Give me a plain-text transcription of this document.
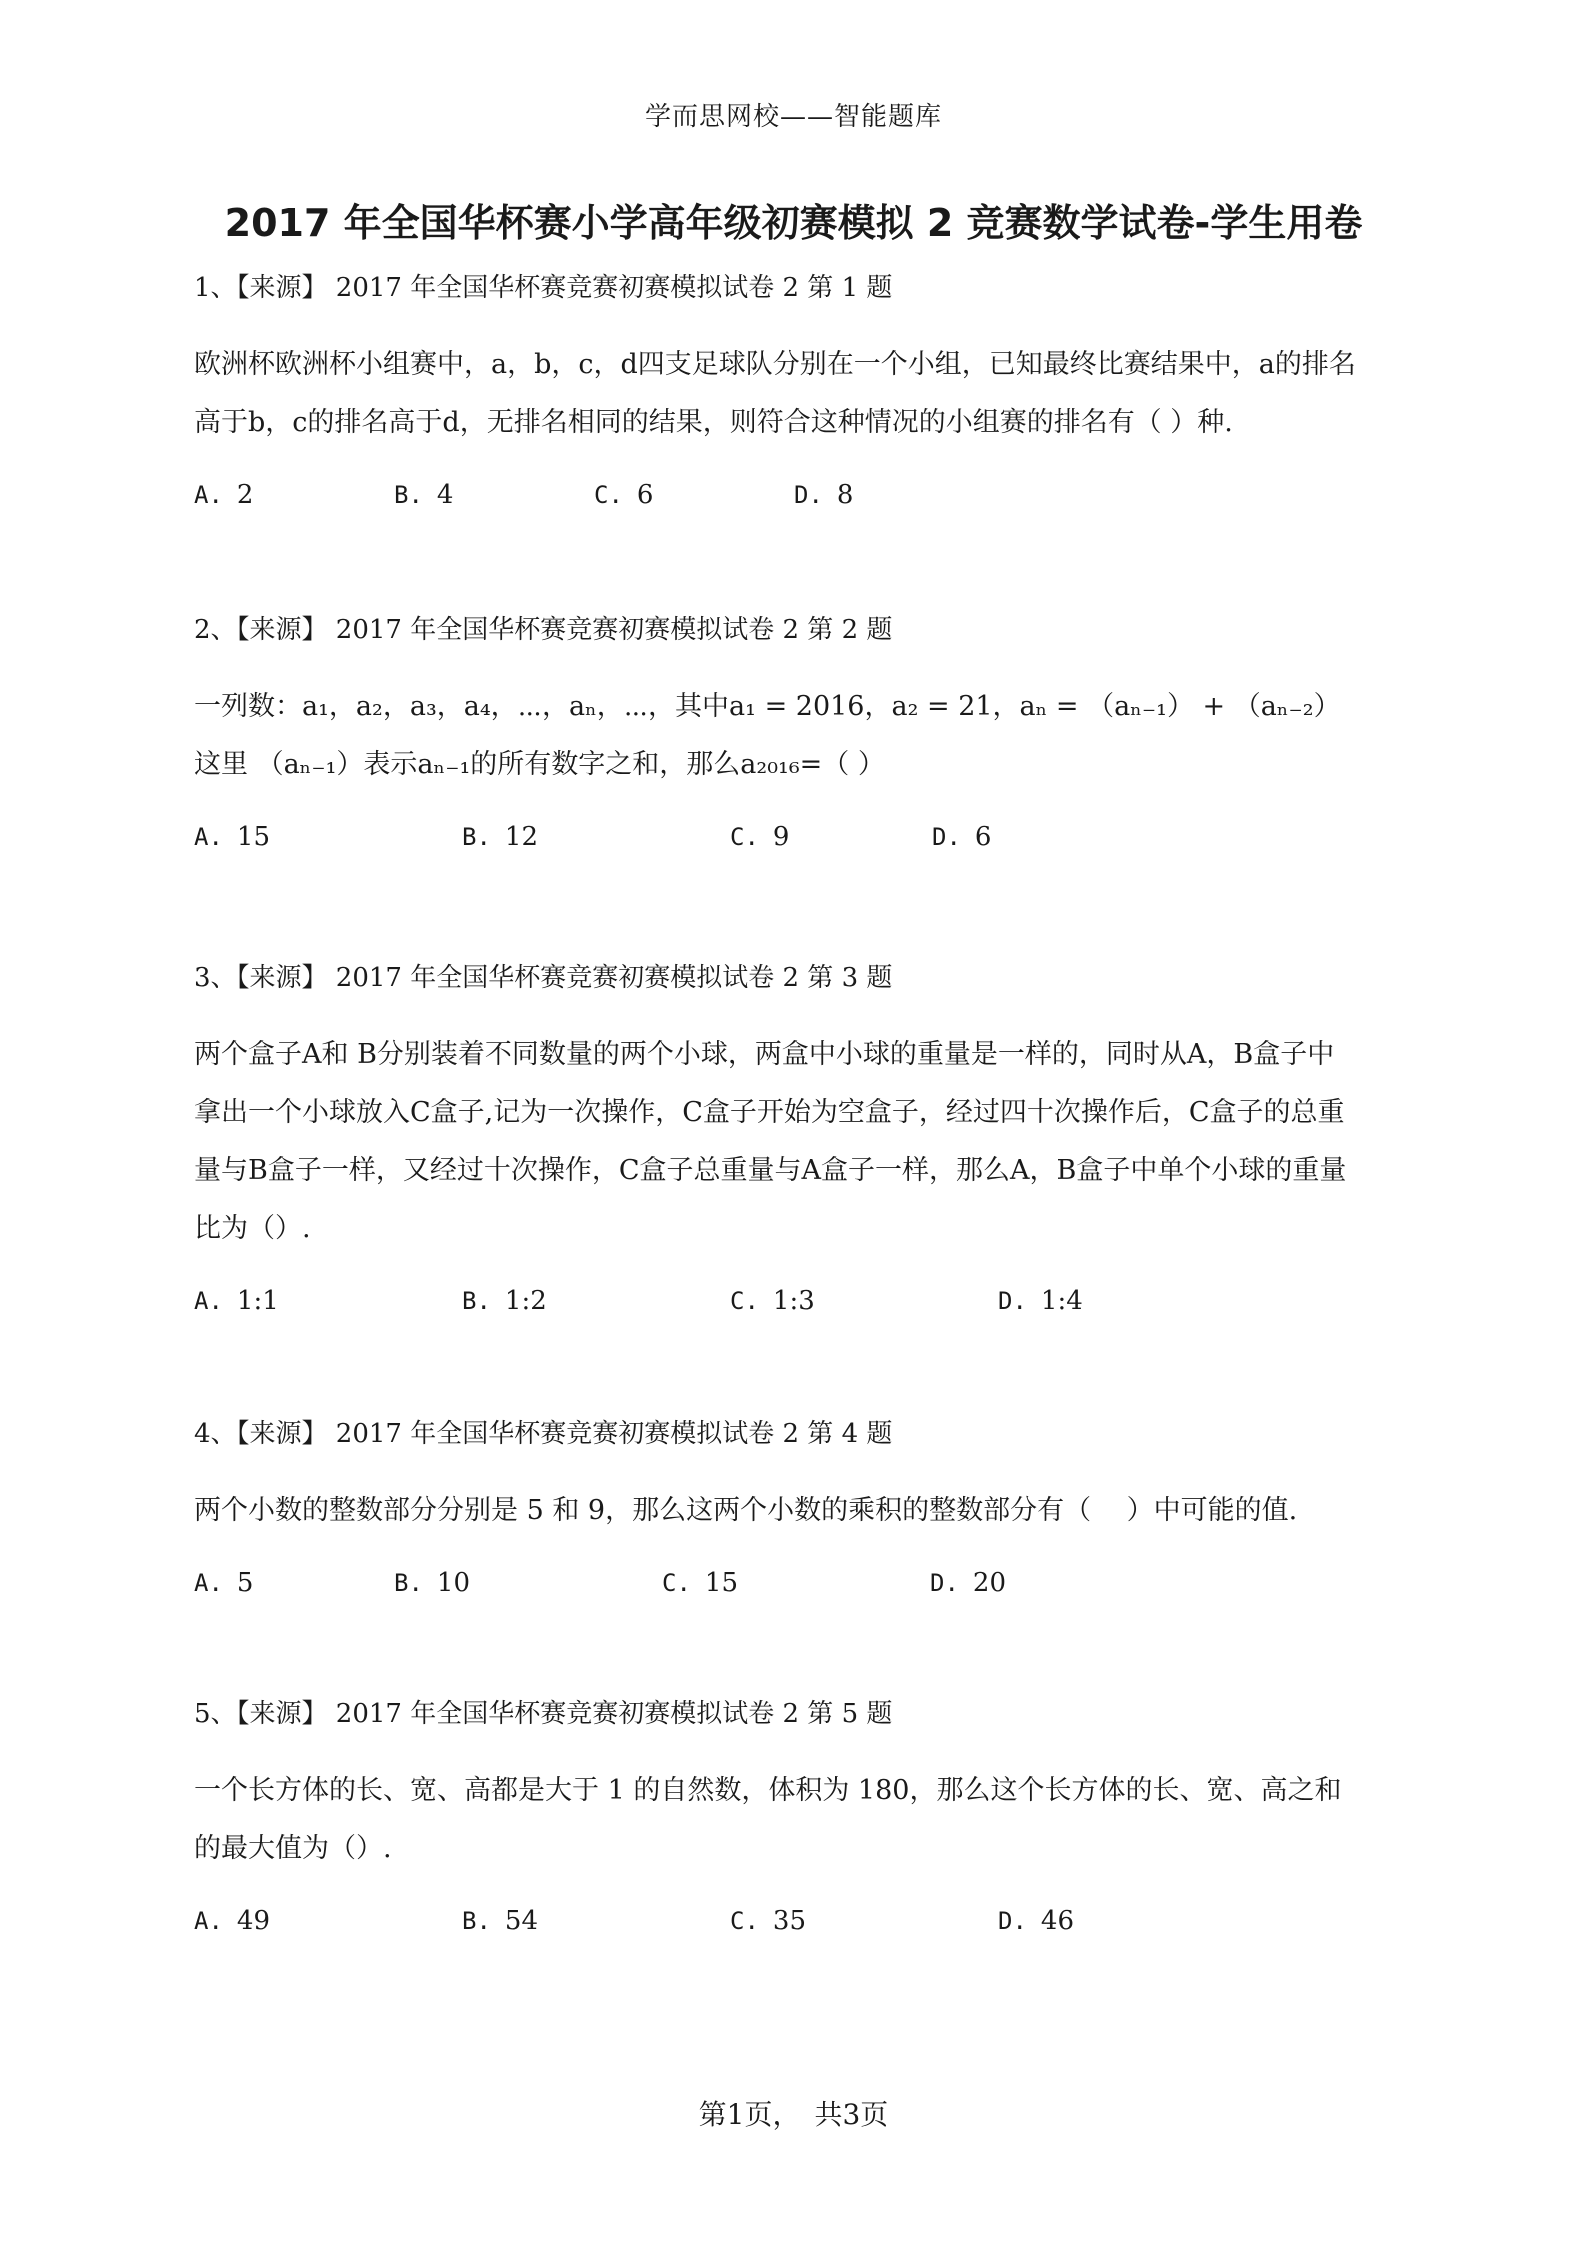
学而思网校——智能题库
2017 年全国华杯赛小学高年级初赛模拟 2 竞赛数学试卷-学生用卷
1、【来源】 2017 年全国华杯赛竞赛初赛模拟试卷 2 第 1 题
欧洲杯欧洲杯小组赛中，a，b，c，d四支足球队分别在一个小组，已知最终比赛结果中，a的排名
高于b，c的排名高于d，无排名相同的结果，则符合这种情况的小组赛的排名有（ ）种.
A. 2	B. 4	C. 6	D. 8
2、【来源】 2017 年全国华杯赛竞赛初赛模拟试卷 2 第 2 题
一列数：a₁，a₂，a₃，a₄，⋯，aₙ，⋯，其中a₁ = 2016，a₂ = 21，aₙ = （aₙ₋₁） + （aₙ₋₂）
这里 （aₙ₋₁）表示aₙ₋₁的所有数字之和，那么a₂₀₁₆=（ ）
A. 15	B. 12	C. 9	D. 6
3、【来源】 2017 年全国华杯赛竞赛初赛模拟试卷 2 第 3 题
两个盒子A和 B分别装着不同数量的两个小球，两盒中小球的重量是一样的，同时从A，B盒子中
拿出一个小球放入C盒子,记为一次操作，C盒子开始为空盒子，经过四十次操作后，C盒子的总重
量与B盒子一样，又经过十次操作，C盒子总重量与A盒子一样，那么A，B盒子中单个小球的重量
比为（）.
A. 1:1	B. 1:2	C. 1:3	D. 1:4
4、【来源】 2017 年全国华杯赛竞赛初赛模拟试卷 2 第 4 题
两个小数的整数部分分别是 5 和 9，那么这两个小数的乘积的整数部分有（　 ）中可能的值.
A. 5	B. 10	C. 15	D. 20
5、【来源】 2017 年全国华杯赛竞赛初赛模拟试卷 2 第 5 题
一个长方体的长、宽、高都是大于 1 的自然数，体积为 180，那么这个长方体的长、宽、高之和
的最大值为（）.
A. 49	B. 54	C. 35	D. 46
第1页，　共3页
